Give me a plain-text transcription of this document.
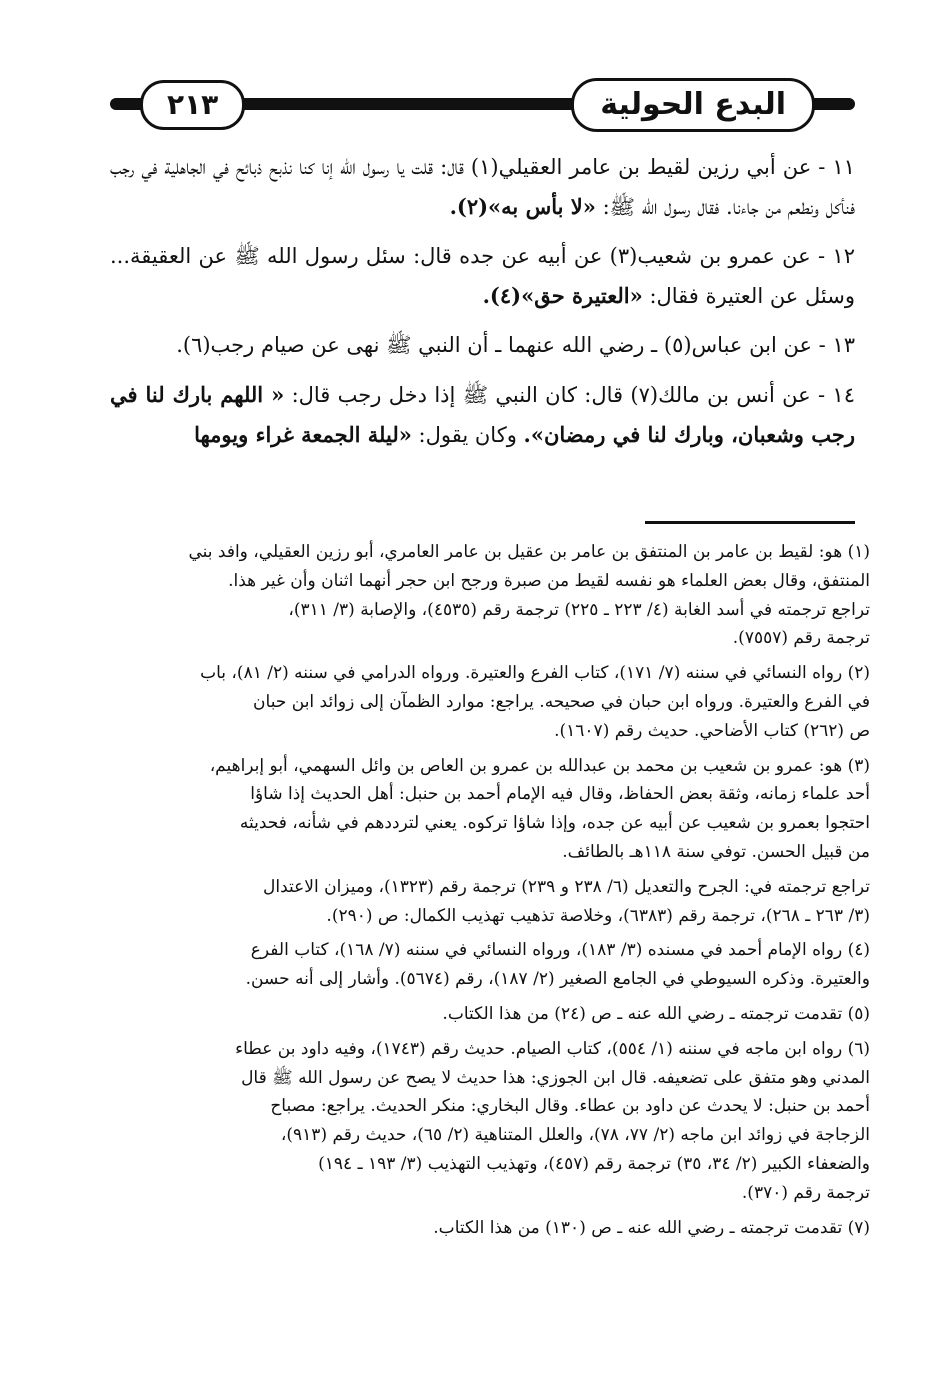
٢١٣	البدع الحولية

١١ - عن أبي رزين لقيط بن عامر العقيلي(١) قال: قلت يا رسول الله إنا كنا نذبح ذبائح في الجاهلية في رجب فنأكل ونطعم من جاءنا. فقال رسول الله ﷺ: «لا بأس به»(٢).

١٢ - عن عمرو بن شعيب(٣) عن أبيه عن جده قال: سئل رسول الله ﷺ عن العقيقة... وسئل عن العتيرة فقال: «العتيرة حق»(٤).

١٣ - عن ابن عباس(٥) ـ رضي الله عنهما ـ أن النبي ﷺ نهى عن صيام رجب(٦).

١٤ - عن أنس بن مالك(٧) قال: كان النبي ﷺ إذا دخل رجب قال: « اللهم بارك لنا في رجب وشعبان، وبارك لنا في رمضان». وكان يقول: «ليلة الجمعة غراء ويومها

(١) هو: لقيط بن عامر بن المنتفق بن عامر بن عقيل بن عامر العامري، أبو رزين العقيلي، وافد بني
المنتفق، وقال بعض العلماء هو نفسه لقيط من صبرة ورجح ابن حجر أنهما اثنان وأن غير هذا.
تراجع ترجمته في أسد الغابة (٤/ ٢٢٣ ـ ٢٢٥) ترجمة رقم (٤٥٣٥)، والإصابة (٣/ ٣١١)،
ترجمة رقم (٧٥٥٧).

(٢) رواه النسائي في سننه (٧/ ١٧١)، كتاب الفرع والعتيرة. ورواه الدرامي في سننه (٢/ ٨١)، باب
في الفرع والعتيرة. ورواه ابن حبان في صحيحه. يراجع: موارد الظمآن إلى زوائد ابن حبان
ص (٢٦٢) كتاب الأضاحي. حديث رقم (١٦٠٧).

(٣) هو: عمرو بن شعيب بن محمد بن عبدالله بن عمرو بن العاص بن وائل السهمي، أبو إبراهيم،
أحد علماء زمانه، وثقة بعض الحفاظ، وقال فيه الإمام أحمد بن حنبل: أهل الحديث إذا شاؤا
احتجوا بعمرو بن شعيب عن أبيه عن جده، وإذا شاؤا تركوه. يعني لترددهم في شأنه، فحديثه
من قبيل الحسن. توفي سنة ١١٨هـ بالطائف.

تراجع ترجمته في: الجرح والتعديل (٦/ ٢٣٨ و ٢٣٩) ترجمة رقم (١٣٢٣)، وميزان الاعتدال
(٣/ ٢٦٣ ـ ٢٦٨)، ترجمة رقم (٦٣٨٣)، وخلاصة تذهيب تهذيب الكمال: ص (٢٩٠).

(٤) رواه الإمام أحمد في مسنده (٣/ ١٨٣)، ورواه النسائي في سننه (٧/ ١٦٨)، كتاب الفرع
والعتيرة. وذكره السيوطي في الجامع الصغير (٢/ ١٨٧)، رقم (٥٦٧٤). وأشار إلى أنه حسن.

(٥) تقدمت ترجمته ـ رضي الله عنه ـ ص (٢٤) من هذا الكتاب.

(٦) رواه ابن ماجه في سننه (١/ ٥٥٤)، كتاب الصيام. حديث رقم (١٧٤٣)، وفيه داود بن عطاء
المدني وهو متفق على تضعيفه. قال ابن الجوزي: هذا حديث لا يصح عن رسول الله ﷺ قال
أحمد بن حنبل: لا يحدث عن داود بن عطاء. وقال البخاري: منكر الحديث. يراجع: مصباح
الزجاجة في زوائد ابن ماجه (٢/ ٧٧، ٧٨)، والعلل المتناهية (٢/ ٦٥)، حديث رقم (٩١٣)،
والضعفاء الكبير (٢/ ٣٤، ٣٥) ترجمة رقم (٤٥٧)، وتهذيب التهذيب (٣/ ١٩٣ ـ ١٩٤)
ترجمة رقم (٣٧٠).

(٧) تقدمت ترجمته ـ رضي الله عنه ـ ص (١٣٠) من هذا الكتاب.
